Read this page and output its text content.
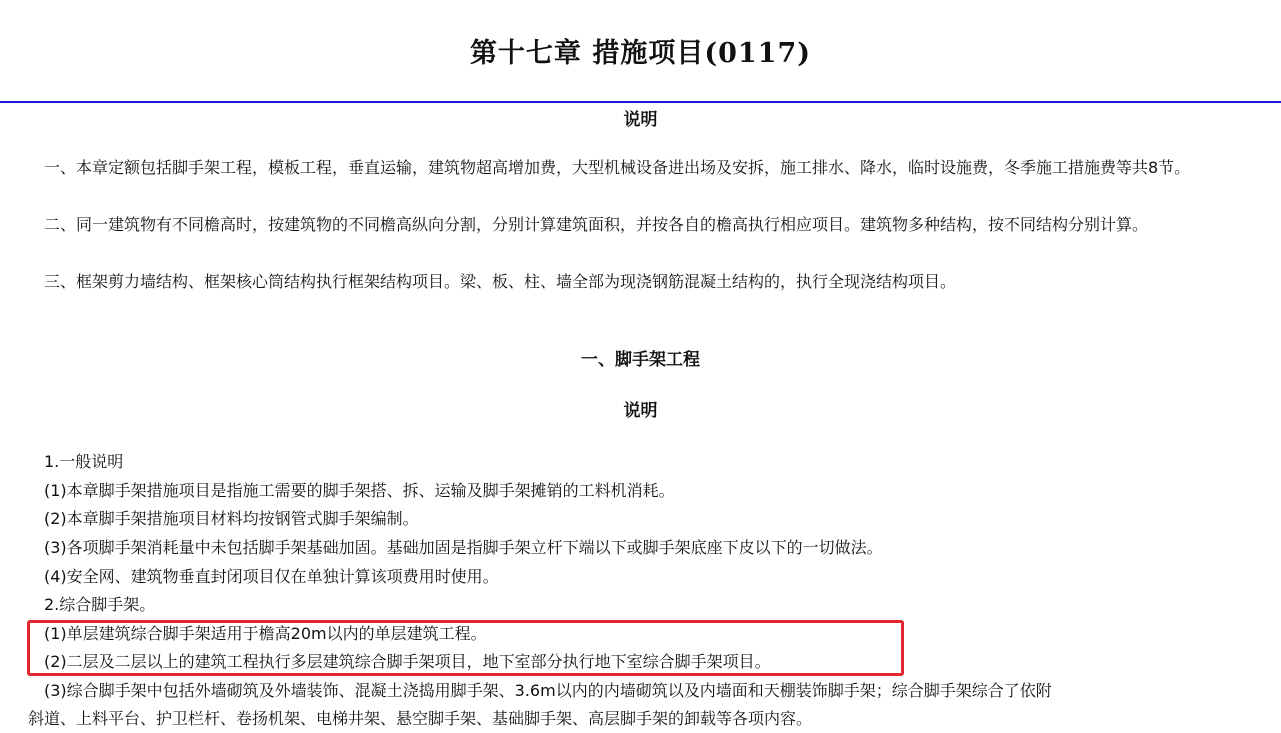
第十七章 措施项目(0117)
说明

　一、本章定额包括脚手架工程，模板工程，垂直运输，建筑物超高增加费，大型机械设备进出场及安拆，施工排水、降水，临时设施费，冬季施工措施费等共8节。

　二、同一建筑物有不同檐高时，按建筑物的不同檐高纵向分割，分别计算建筑面积，并按各自的檐高执行相应项目。建筑物多种结构，按不同结构分别计算。

　三、框架剪力墙结构、框架核心筒结构执行框架结构项目。梁、板、柱、墙全部为现浇钢筋混凝土结构的，执行全现浇结构项目。

一、脚手架工程
说明
　1.一般说明
　(1)本章脚手架措施项目是指施工需要的脚手架搭、拆、运输及脚手架摊销的工料机消耗。
　(2)本章脚手架措施项目材料均按钢管式脚手架编制。
　(3)各项脚手架消耗量中未包括脚手架基础加固。基础加固是指脚手架立杆下端以下或脚手架底座下皮以下的一切做法。
　(4)安全网、建筑物垂直封闭项目仅在单独计算该项费用时使用。
　2.综合脚手架。
　(1)单层建筑综合脚手架适用于檐高20m以内的单层建筑工程。
　(2)二层及二层以上的建筑工程执行多层建筑综合脚手架项目，地下室部分执行地下室综合脚手架项目。
　(3)综合脚手架中包括外墙砌筑及外墙装饰、混凝土浇捣用脚手架、3.6m以内的内墙砌筑以及内墙面和天棚装饰脚手架；综合脚手架综合了依附
斜道、上料平台、护卫栏杆、卷扬机架、电梯井架、悬空脚手架、基础脚手架、高层脚手架的卸载等各项内容。
